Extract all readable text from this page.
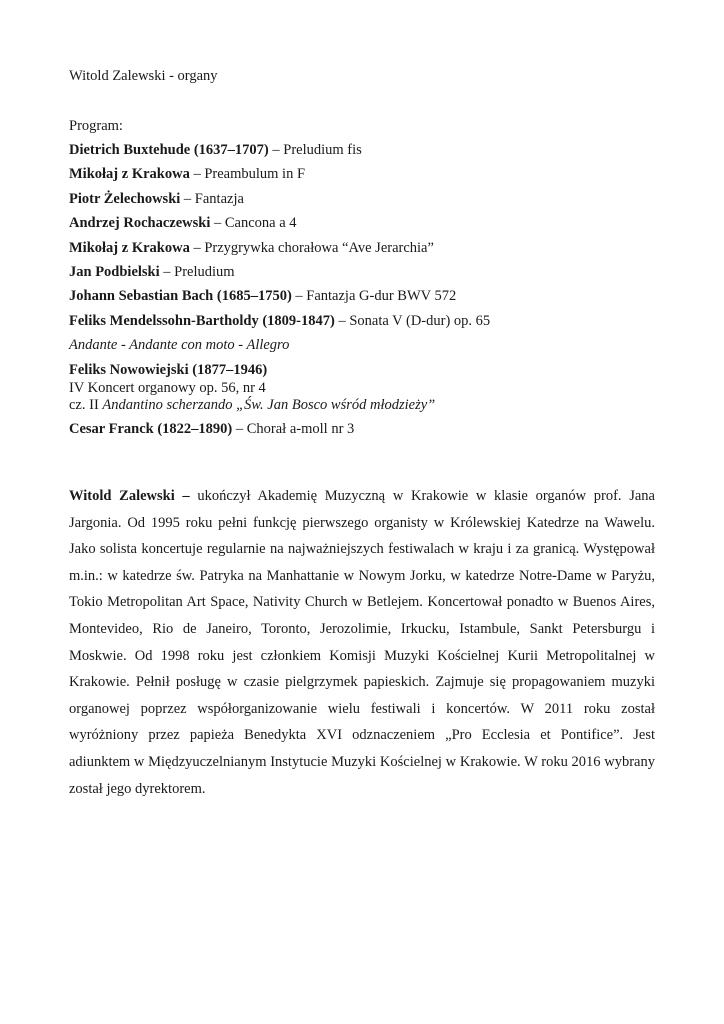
Witold Zalewski - organy
Program:
Dietrich Buxtehude (1637–1707) – Preludium fis
Mikołaj z Krakowa – Preambulum in F
Piotr Żelechowski – Fantazja
Andrzej Rochaczewski – Cancona a 4
Mikołaj z Krakowa – Przygrywka chorałowa “Ave Jerarchia”
Jan Podbielski – Preludium
Johann Sebastian Bach (1685–1750) – Fantazja G-dur BWV 572
Feliks Mendelssohn-Bartholdy (1809-1847) – Sonata V (D-dur) op. 65
Andante - Andante con moto - Allegro
Feliks Nowowiejski (1877–1946)
IV Koncert organowy op. 56, nr 4
cz. II Andantino scherzando „Św. Jan Bosco wśród młodzieży”
Cesar Franck (1822–1890) – Chorał a-moll nr 3

Witold Zalewski – ukończył Akademię Muzyczną w Krakowie w klasie organów prof. Jana Jargonia. Od 1995 roku pełni funkcję pierwszego organisty w Królewskiej Katedrze na Wawelu. Jako solista koncertuje regularnie na najważniejszych festiwalach w kraju i za granicą. Występował m.in.: w katedrze św. Patryka na Manhattanie w Nowym Jorku, w katedrze Notre-Dame w Paryżu, Tokio Metropolitan Art Space, Nativity Church w Betlejem. Koncertował ponadto w Buenos Aires, Montevideo, Rio de Janeiro, Toronto, Jerozolimie, Irkucku, Istambule, Sankt Petersburgu i Moskwie. Od 1998 roku jest członkiem Komisji Muzyki Kościelnej Kurii Metropolitalnej w Krakowie. Pełnił posługę w czasie pielgrzymek papieskich. Zajmuje się propagowaniem muzyki organowej poprzez współorganizowanie wielu festiwali i koncertów. W 2011 roku został wyróżniony przez papieża Benedykta XVI odznaczeniem „Pro Ecclesia et Pontifice”. Jest adiunktem w Międzyuczelnianym Instytucie Muzyki Kościelnej w Krakowie. W roku 2016 wybrany został jego dyrektorem.
